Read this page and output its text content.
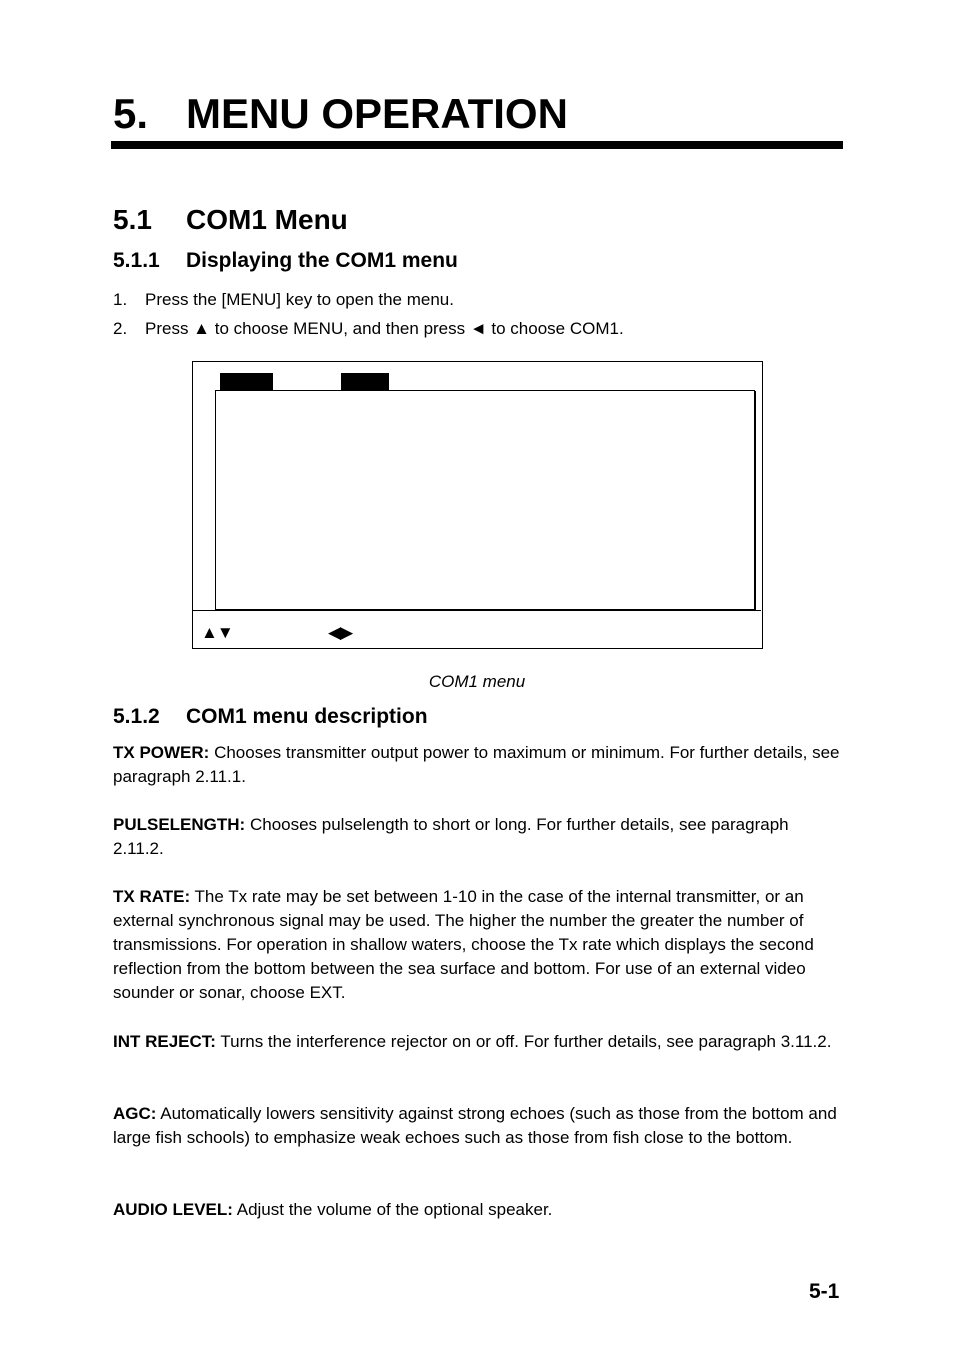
5. MENU OPERATION
5.1 COM1 Menu
5.1.1 Displaying the COM1 menu
1. Press the [MENU] key to open the menu.
2. Press ▲ to choose MENU, and then press ◄ to choose COM1.
▲▼	◀▶
COM1 menu
5.1.2 COM1 menu description

TX POWER: Chooses transmitter output power to maximum or minimum. For further details, see paragraph 2.11.1.

PULSELENGTH: Chooses pulselength to short or long. For further details, see paragraph 2.11.2.

TX RATE: The Tx rate may be set between 1-10 in the case of the internal transmitter, or an external synchronous signal may be used. The higher the number the greater the number of transmissions. For operation in shallow waters, choose the Tx rate which displays the second reflection from the bottom between the sea surface and bottom. For use of an external video sounder or sonar, choose EXT.

INT REJECT: Turns the interference rejector on or off. For further details, see paragraph 3.11.2.

AGC: Automatically lowers sensitivity against strong echoes (such as those from the bottom and large fish schools) to emphasize weak echoes such as those from fish close to the bottom.

AUDIO LEVEL: Adjust the volume of the optional speaker.

5-1
